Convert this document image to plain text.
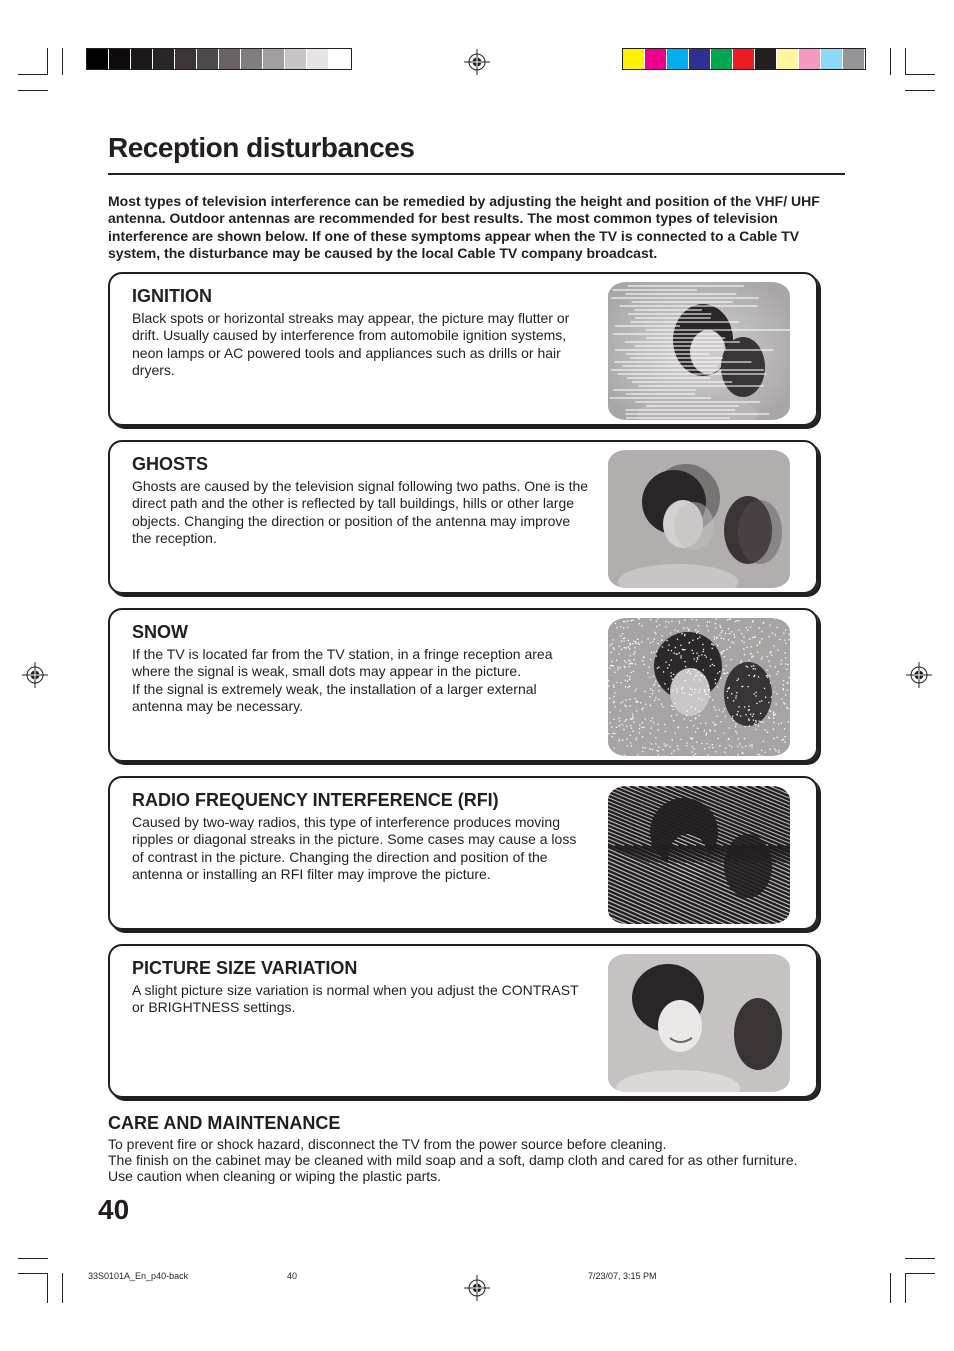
Reception disturbances
Most types of television interference can be remedied by adjusting the height and position of the VHF/ UHF antenna. Outdoor antennas are recommended for best results. The most common types of television interference are shown below. If one of these symptoms appear when the TV is connected to a Cable TV system, the disturbance may be caused by the local Cable TV company broadcast.
IGNITION

Black spots or horizontal streaks may appear, the picture may flutter or drift. Usually caused by interference from automobile ignition systems, neon lamps or AC powered tools and appliances such as drills or hair dryers.

GHOSTS

Ghosts are caused by the television signal following two paths. One is the direct path and the other is reflected by tall buildings, hills or other large objects. Changing the direction or position of the antenna may improve the reception.

SNOW

If the TV is located far from the TV station, in a fringe reception area where the signal is weak, small dots may appear in the picture.

If the signal is extremely weak, the installation of a larger external antenna may be necessary.

RADIO FREQUENCY INTERFERENCE (RFI)

Caused by two-way radios, this type of interference produces moving ripples or diagonal streaks in the picture. Some cases may cause a loss of contrast in the picture. Changing the direction and position of the antenna or installing an RFI filter may improve the picture.

PICTURE SIZE VARIATION

A slight picture size variation is normal when you adjust the CONTRAST or BRIGHTNESS settings.

CARE AND MAINTENANCE

To prevent fire or shock hazard, disconnect the TV from the power source before cleaning.

The finish on the cabinet may be cleaned with mild soap and a soft, damp cloth and cared for as other furniture. Use caution when cleaning or wiping the plastic parts.

40
33S0101A_En_p40-back	40	7/23/07, 3:15 PM
